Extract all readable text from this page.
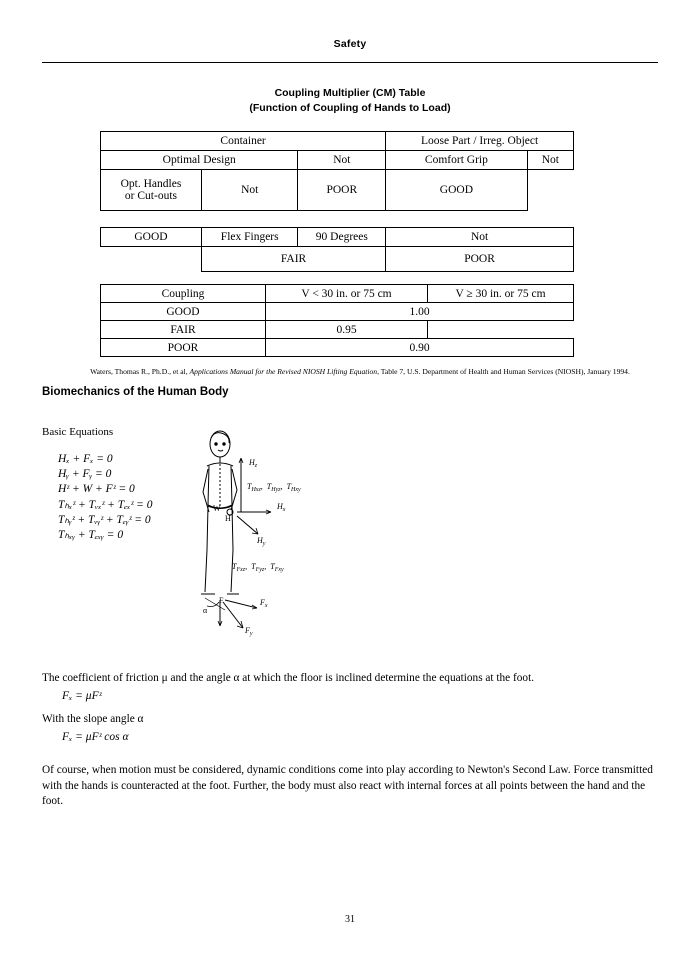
Safety
Coupling Multiplier (CM) Table
(Function of Coupling of Hands to Load)
Container			Loose Part / Irreg. Object	
Optimal Design		Not	Comfort Grip	Not
Opt. Handles
or Cut-outs	Not	POOR	GOOD	

GOOD	Flex Fingers	90 Degrees	Not	
	FAIR		POOR	
Coupling	V < 30 in. or 75 cm	V ≥ 30 in. or 75 cm
GOOD	1.00	
FAIR	0.95	
POOR	0.90	
Waters, Thomas R., Ph.D., et al, Applications Manual for the Revised NIOSH Lifting Equation, Table 7, U.S. Department of Health and Human Services (NIOSH), January 1994.
Biomechanics of the Human Body
Basic Equations
Hₓ + Fₓ = 0
Hᵧ + Fᵧ = 0
Hᶻ + W + Fᶻ = 0
Tₕₓᶻ + Tᵥₓᶻ + Tₑₓᶻ = 0
Tₕᵧᶻ + Tᵥᵧᶻ + Tₑᵧᶻ = 0
Tₕₓᵧ + Tₑₓᵧ = 0
$H_z$
$H_x$
$H_y$
$T_{Hxz}$,  $T_{Hyz}$,  $T_{Hxy}$
$T_{Fxz}$,  $T_{Fyz}$,  $T_{Fxy}$
$F_x$
$F_y$
W
H
F
α
The coefficient of friction μ and the angle α at which the floor is inclined determine the equations at the foot.
Fₓ = μFᶻ
With the slope angle α
Fₓ = μFᶻ cos α
Of course, when motion must be considered, dynamic conditions come into play according to Newton's Second Law. Force transmitted with the hands is counteracted at the foot. Further, the body must also react with internal forces at all points between the hand and the foot.
31
